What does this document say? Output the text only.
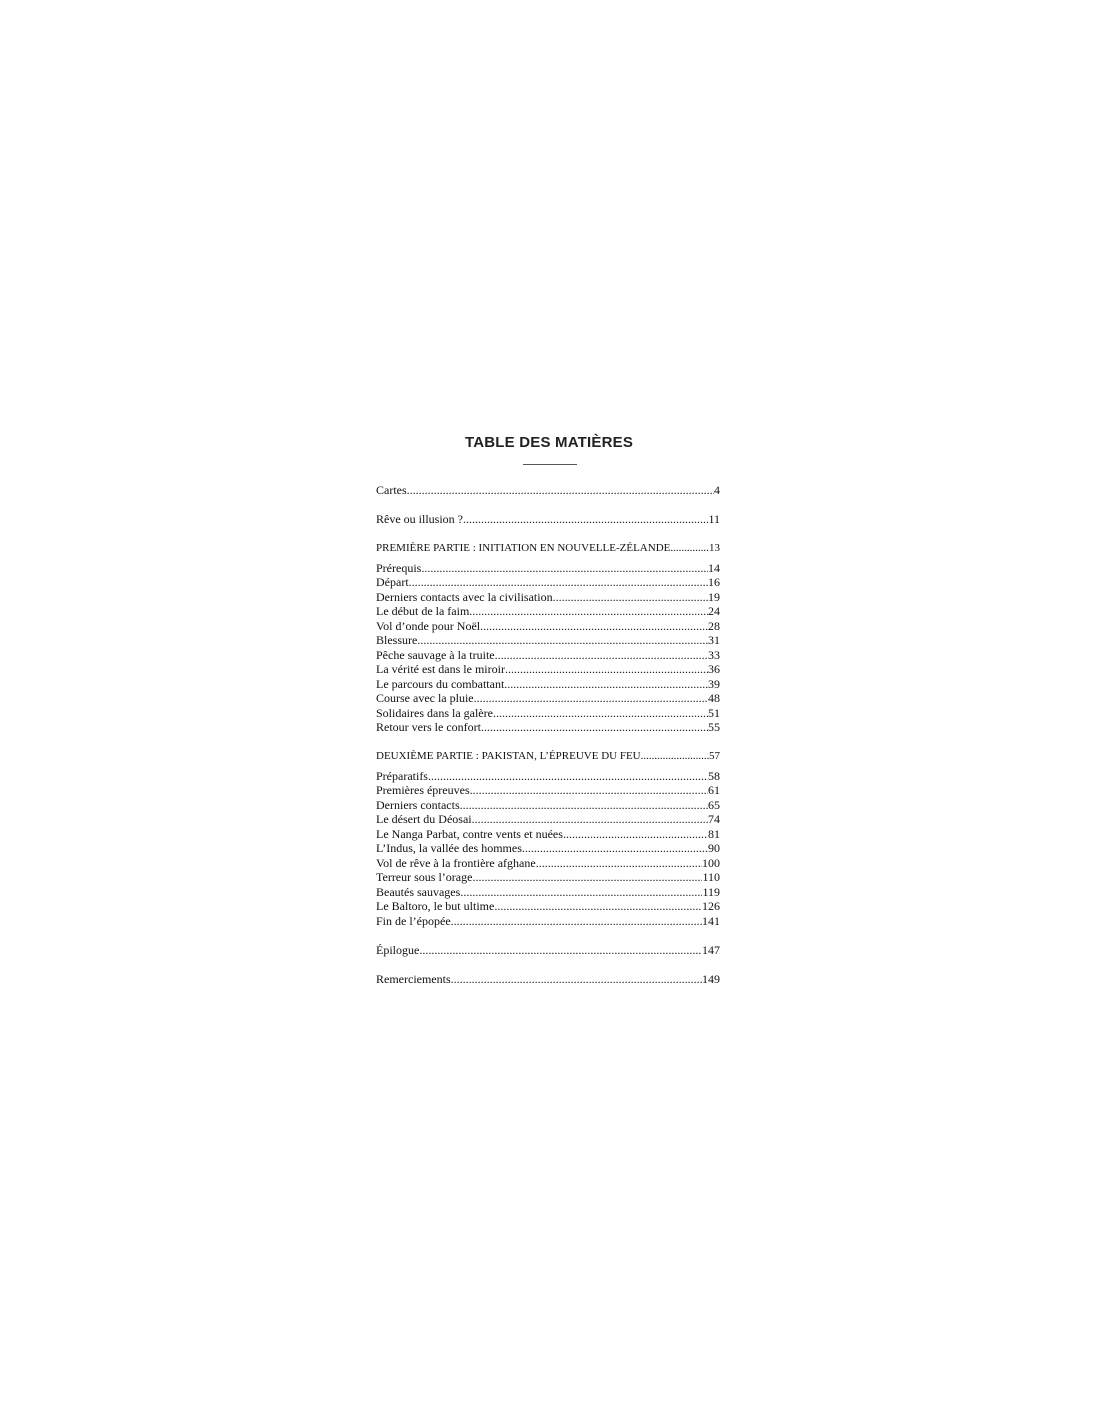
TABLE DES MATIÈRES
Cartes .....	4
Rêve ou illusion ? .....	11
PREMIÈRE PARTIE : INITIATION EN NOUVELLE-ZÉLANDE .....	13
Prérequis .....	14
Départ .....	16
Derniers contacts avec la civilisation .....	19
Le début de la faim .....	24
Vol d’onde pour Noël .....	28
Blessure .....	31
Pêche sauvage à la truite .....	33
La vérité est dans le miroir .....	36
Le parcours du combattant .....	39
Course avec la pluie .....	48
Solidaires dans la galère .....	51
Retour vers le confort .....	55
DEUXIÈME PARTIE : PAKISTAN, L’ÉPREUVE DU FEU .....	57
Préparatifs .....	58
Premières épreuves .....	61
Derniers contacts .....	65
Le désert du Déosai .....	74
Le Nanga Parbat, contre vents et nuées .....	81
L’Indus, la vallée des hommes .....	90
Vol de rêve à la frontière afghane .....	100
Terreur sous l’orage .....	110
Beautés sauvages .....	119
Le Baltoro, le but ultime .....	126
Fin de l’épopée .....	141
Épilogue .....	147
Remerciements .....	149
